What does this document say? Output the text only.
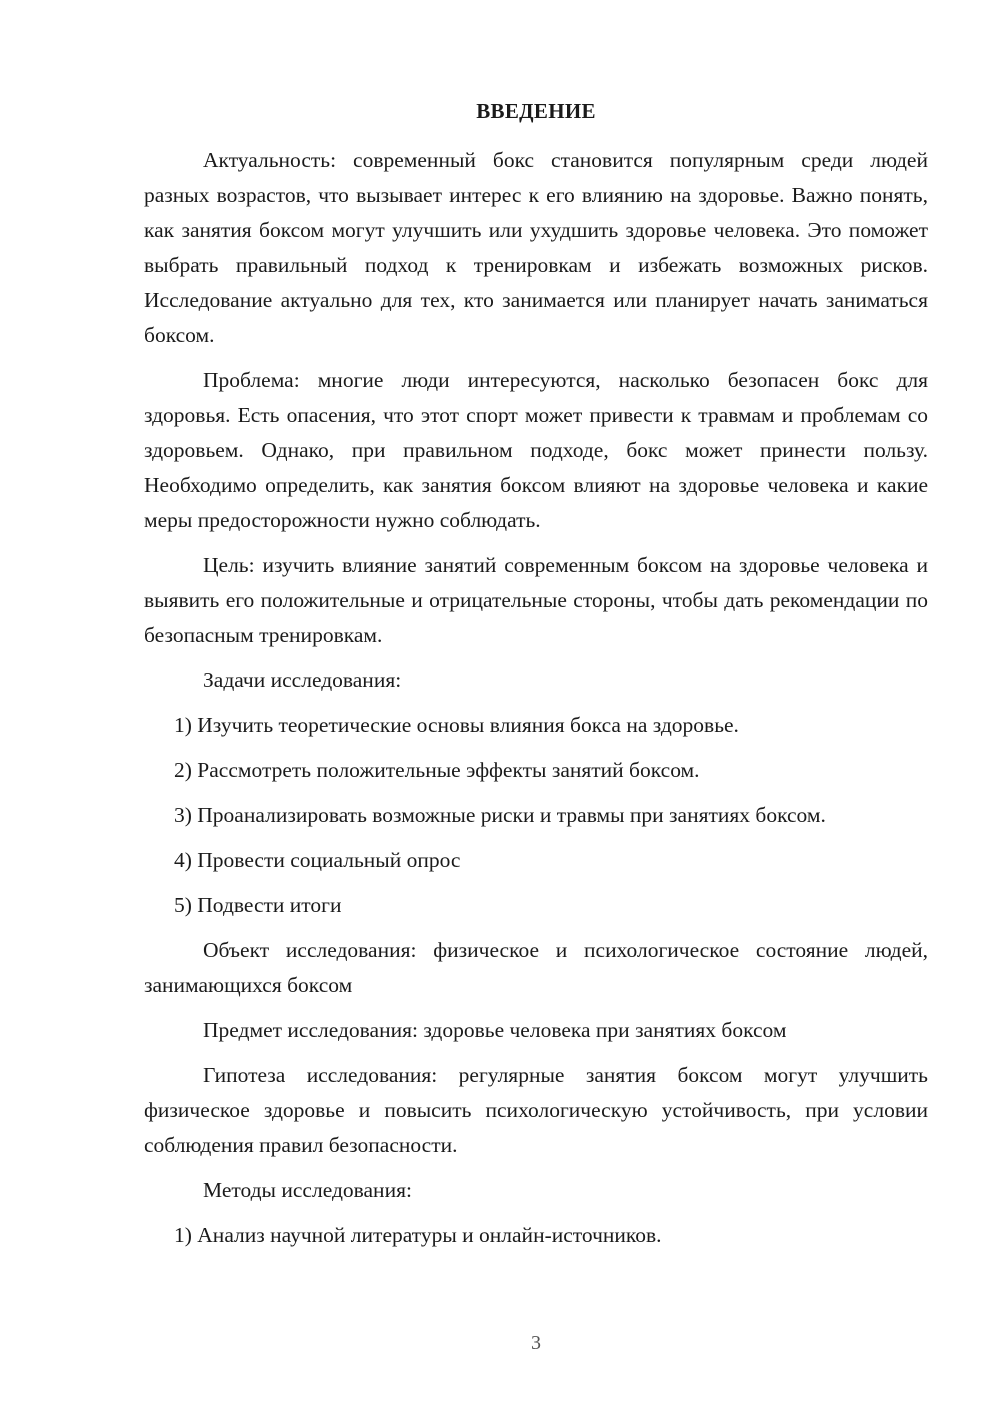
ВВЕДЕНИЕ

Актуальность: современный бокс становится популярным среди людей разных возрастов, что вызывает интерес к его влиянию на здоровье. Важно понять, как занятия боксом могут улучшить или ухудшить здоровье человека. Это поможет выбрать правильный подход к тренировкам и избежать возможных рисков. Исследование актуально для тех, кто занимается или планирует начать заниматься боксом.

Проблема: многие люди интересуются, насколько безопасен бокс для здоровья. Есть опасения, что этот спорт может привести к травмам и проблемам со здоровьем. Однако, при правильном подходе, бокс может принести пользу. Необходимо определить, как занятия боксом влияют на здоровье человека и какие меры предосторожности нужно соблюдать.

Цель: изучить влияние занятий современным боксом на здоровье человека и выявить его положительные и отрицательные стороны, чтобы дать рекомендации по безопасным тренировкам.

Задачи исследования:

1) Изучить теоретические основы влияния бокса на здоровье.

2) Рассмотреть положительные эффекты занятий боксом.

3) Проанализировать возможные риски и травмы при занятиях боксом.

4) Провести социальный опрос

5) Подвести итоги

Объект исследования: физическое и психологическое состояние людей, занимающихся боксом

Предмет исследования: здоровье человека при занятиях боксом

Гипотеза исследования: регулярные занятия боксом могут улучшить физическое здоровье и повысить психологическую устойчивость, при условии соблюдения правил безопасности.

Методы исследования:

1) Анализ научной литературы и онлайн-источников.

3
